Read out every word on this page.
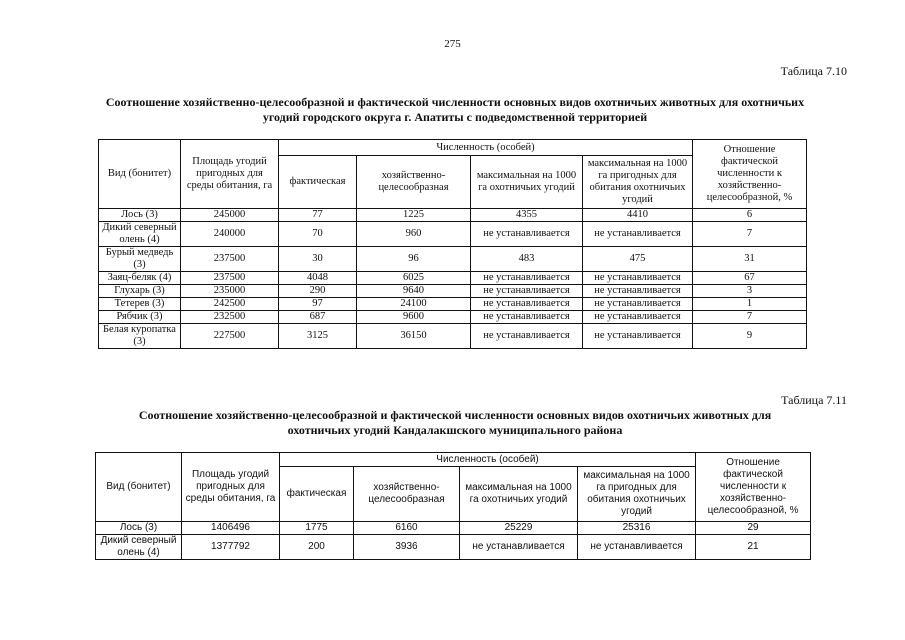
275
Таблица 7.10
Соотношение хозяйственно-целесообразной и фактической численности основных видов охотничьих животных для охотничьих
угодий городского округа г. Апатиты с подведомственной территорией
Вид (бонитет)	Площадь угодий пригодных для среды обитания, га	Численность (особей)				Отношение фактической численности к хозяйственно-целесообразной, %
		фактическая	хозяйственно-целесообразная	максимальная на 1000 га охотничьих угодий	максимальная на 1000 га пригодных для обитания охотничьих угодий	
Лось (3)	245000	77	1225	4355	4410	6
Дикий северный олень (4)	240000	70	960	не устанавливается	не устанавливается	7
Бурый медведь (3)	237500	30	96	483	475	31
Заяц-беляк (4)	237500	4048	6025	не устанавливается	не устанавливается	67
Глухарь (3)	235000	290	9640	не устанавливается	не устанавливается	3
Тетерев (3)	242500	97	24100	не устанавливается	не устанавливается	1
Рябчик (3)	232500	687	9600	не устанавливается	не устанавливается	7
Белая куропатка (3)	227500	3125	36150	не устанавливается	не устанавливается	9
Таблица 7.11
Соотношение хозяйственно-целесообразной и фактической численности основных видов охотничьих животных для
охотничьих угодий Кандалакшского муниципального района
Вид (бонитет)	Площадь угодий пригодных для среды обитания, га	Численность (особей)				Отношение фактической численности к хозяйственно-целесообразной, %
		фактическая	хозяйственно-целесообразная	максимальная на 1000 га охотничьих угодий	максимальная на 1000 га пригодных для обитания охотничьих угодий	
Лось (3)	1406496	1775	6160	25229	25316	29
Дикий северный олень (4)	1377792	200	3936	не устанавливается	не устанавливается	21
